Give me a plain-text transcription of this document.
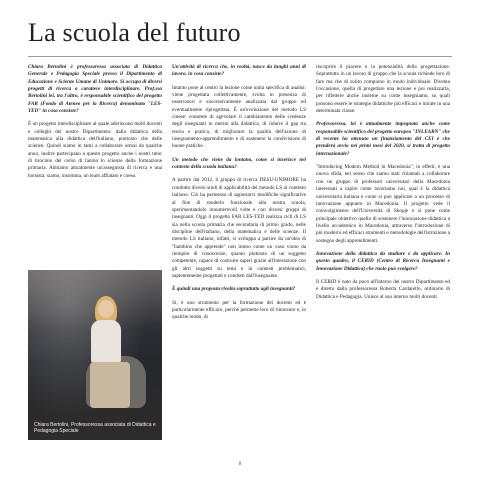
La scuola del futuro

Chiara Bertolini è professoressa associata di Didattica Generale e Pedagogia Speciale presso il Dipartimento di Educazione e Scienze Umane di Unimore. Si occupa di diversi progetti di ricerca a carattere interdisciplinare. Prof.ssa Bertolini lei, tra l'altro, è responsabile scientifico del progetto FAR (Fondo di Ateneo per la Ricerca) denominato "LES-TED" in cosa consiste?

È un progetto interdisciplinare al quale aderiscono molti docenti e colleghi del nostro Dipartimento: dalla didattica della matematica alla didattica dell'italiano, piuttosto che delle scienze. Quindi siamo in tanti a collaborare ormai da qualche anno, inoltre partecipano a questo progetto anche i nostri tutor di tirocinio del corso di laurea in scienze della formazione primaria. Abbiamo attualmente un'assegnista di ricerca e una borsista: siamo, insomma, un team affiatato e coeso.

Chiara Bertolini, Professoressa associata di Didattica e Pedagogia Speciale

Un'attività di ricerca che, in realtà, nasce da lunghi anni di lavoro, in cosa consiste?

Intanto pone al centro la lezione come unità specifica di analisi: viene progettata collettivamente, svolta in presenza di osservatori e successivamente analizzata dal gruppo ed eventualmente riprogettata. È un'evoluzione del metodo LS cinese: consente di agevolare il cambiamento delle credenze degli insegnanti in merito alla didattica, di ridurre il gap tra teoria e pratica, di migliorare la qualità dell'azione di insegnamento-apprendimento e di sostenere la condivisione di buone pratiche.

Un metodo che viene da lontano, come si inserisce nel contesto della scuola italiana?

A partire dal 2012, il gruppo di ricerca DESU-UNIMORE ha condotto diversi studi di applicabilità del metodo LS al contesto italiano. Ciò ha permesso di apportarvi modifiche significative al fine di renderlo funzionale alla nostra scuola, sperimentandolo innumerevoli volte e con diversi gruppi di insegnanti. Oggi il progetto FAR LES-TED realizza cicli di LS sia nella scuola primaria che secondaria di primo grado, nelle discipline dell'italiano, della matematica e delle scienze. Il metodo LS italiano, infatti, si sviluppa a partire da un'idea di "bambino che apprende" non inteso come un vaso vuoto da riempire di conoscenze, quanto piuttosto di un soggetto competente, capace di costruire saperi grazie all'interazione con gli altri soggetti su temi e in contesti problematici, sapientemente progettati e condotti dall'insegnante.

È quindi una proposta rivolta soprattutto agli insegnanti?

Sì, è uno strumento per la formazione dei docenti ed è particolarmente efficace, perché permette loro di rinnovare e, in qualche modo, di

riscoprire il piacere e la potenzialità della progettazione. Soprattutto in un lavoro di gruppo che la scuola richiede loro di fare ma che di solito compiono in modo individuale. Diventa l'occasione, quella di progettare una lezione e poi realizzarla, per riflettere anche insieme su come insegniamo, su quali possono essere le strategie didattiche più efficaci e mirate in una determinata classe.

Professoressa, lei è attualmente impegnata anche come responsabile scientifico del progetto europeo "INLEARN" che di recente ha ottenuto un finanziamento del CEI e che prenderà avvio nei primi mesi del 2020, si tratta di progetto internazionale?

"Introducing Modern Method in Macedonia", in effetti, è una nuova sfida, nel senso che siamo stati chiamati a collaborare con un gruppo di professori universitari della Macedonia interessati a capire come lavoriamo noi, qual è la didattica universitaria italiana e come si può applicare a un processo di innovazione appunto in Macedonia. Il progetto vede il coinvolgimento dell'Università di Skopje e si pone come principale obiettivo quello di sostenere l'innovazione didattica a livello accademico in Macedonia, attraverso l'introduzione di più moderni ed efficaci strumenti e metodologie dell'istruzione a sostegno degli apprendimenti.

Innovazione della didattica da studiare e da applicare. In questo quadro, il CERID (Centro di Ricerca Insegnanti e Innovazione Didattica) che ruolo può svolgere?

Il CERID è nato da poco all'interno del nostro Dipartimento ed è diretto dalla professoressa Roberta Cardarello, ordinario di Didattica e Pedagogia. Unisce al suo interno molti docenti

8
